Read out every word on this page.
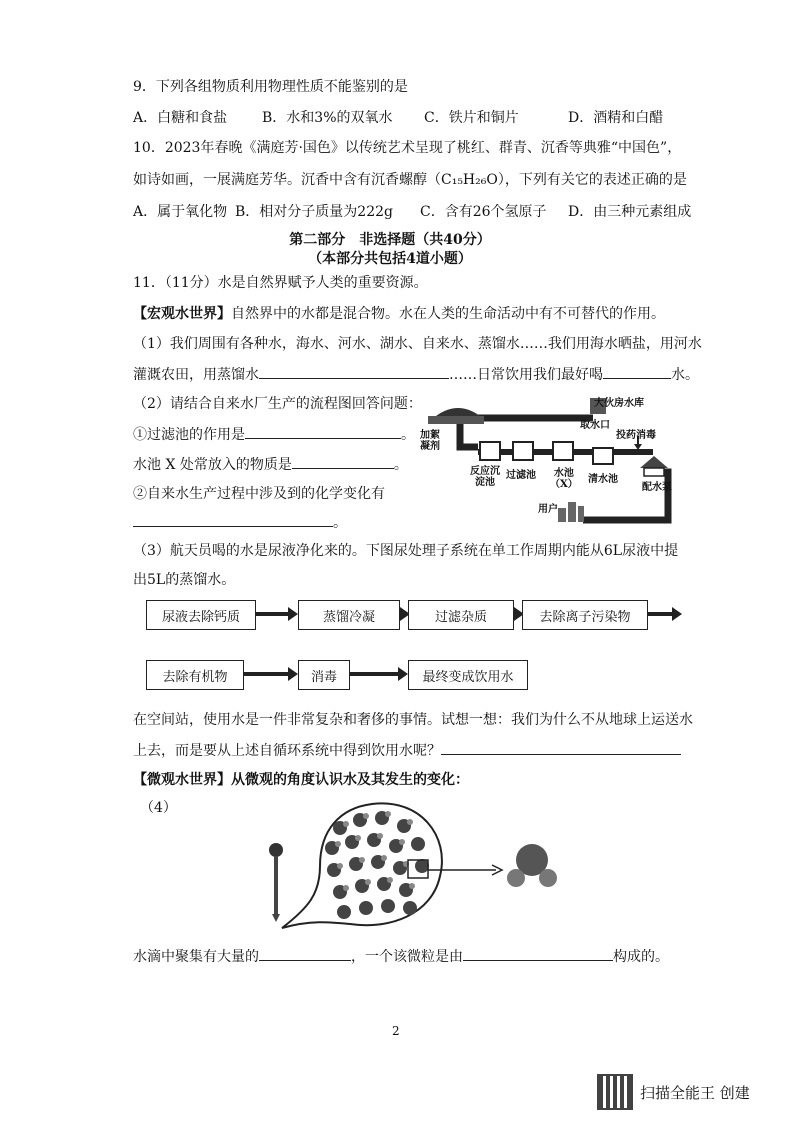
9．下列各组物质利用物理性质不能鉴别的是
A．白糖和食盐 B．水和3%的双氧水 C．铁片和铜片	D．酒精和白醋
10．2023年春晚《满庭芳·国色》以传统艺术呈现了桃红、群青、沉香等典雅“中国色”，
如诗如画，一展满庭芳华。沉香中含有沉香螺醇（C₁₅H₂₆O），下列有关它的表述正确的是
A．属于氧化物 B．相对分子质量为222g C．含有26个氢原子 D．由三种元素组成
第二部分　非选择题（共40分）
（本部分共包括4道小题）
11．（11分）水是自然界赋予人类的重要资源。
【宏观水世界】自然界中的水都是混合物。水在人类的生命活动中有不可替代的作用。
（1）我们周围有各种水，海水、河水、湖水、自来水、蒸馏水……我们用海水晒盐，用河水
灌溉农田，用蒸馏水	……日常饮用我们最好喝	水。
（2）请结合自来水厂生产的流程图回答问题：
①过滤池的作用是	。
水池 X 处常放入的物质是	。
②自来水生产过程中涉及到的化学变化有
。
大伙房水库
取水口
加絮
凝剂
投药消毒
反应沉
淀池
过滤池	水池
（X） 清水池
配水泵
用户
（3）航天员喝的水是尿液净化来的。下图尿处理子系统在单工作周期内能从6L尿液中提
出5L的蒸馏水。
尿液去除钙质	蒸馏冷凝	过滤杂质	去除离子污染物
去除有机物	消毒	最终变成饮用水
在空间站，使用水是一件非常复杂和奢侈的事情。试想一想：我们为什么不从地球上运送水
上去，而是要从上述自循环系统中得到饮用水呢？
【微观水世界】从微观的角度认识水及其发生的变化：
（4）
水滴中聚集有大量的	，一个该微粒是由	构成的。
2
扫描全能王 创建
